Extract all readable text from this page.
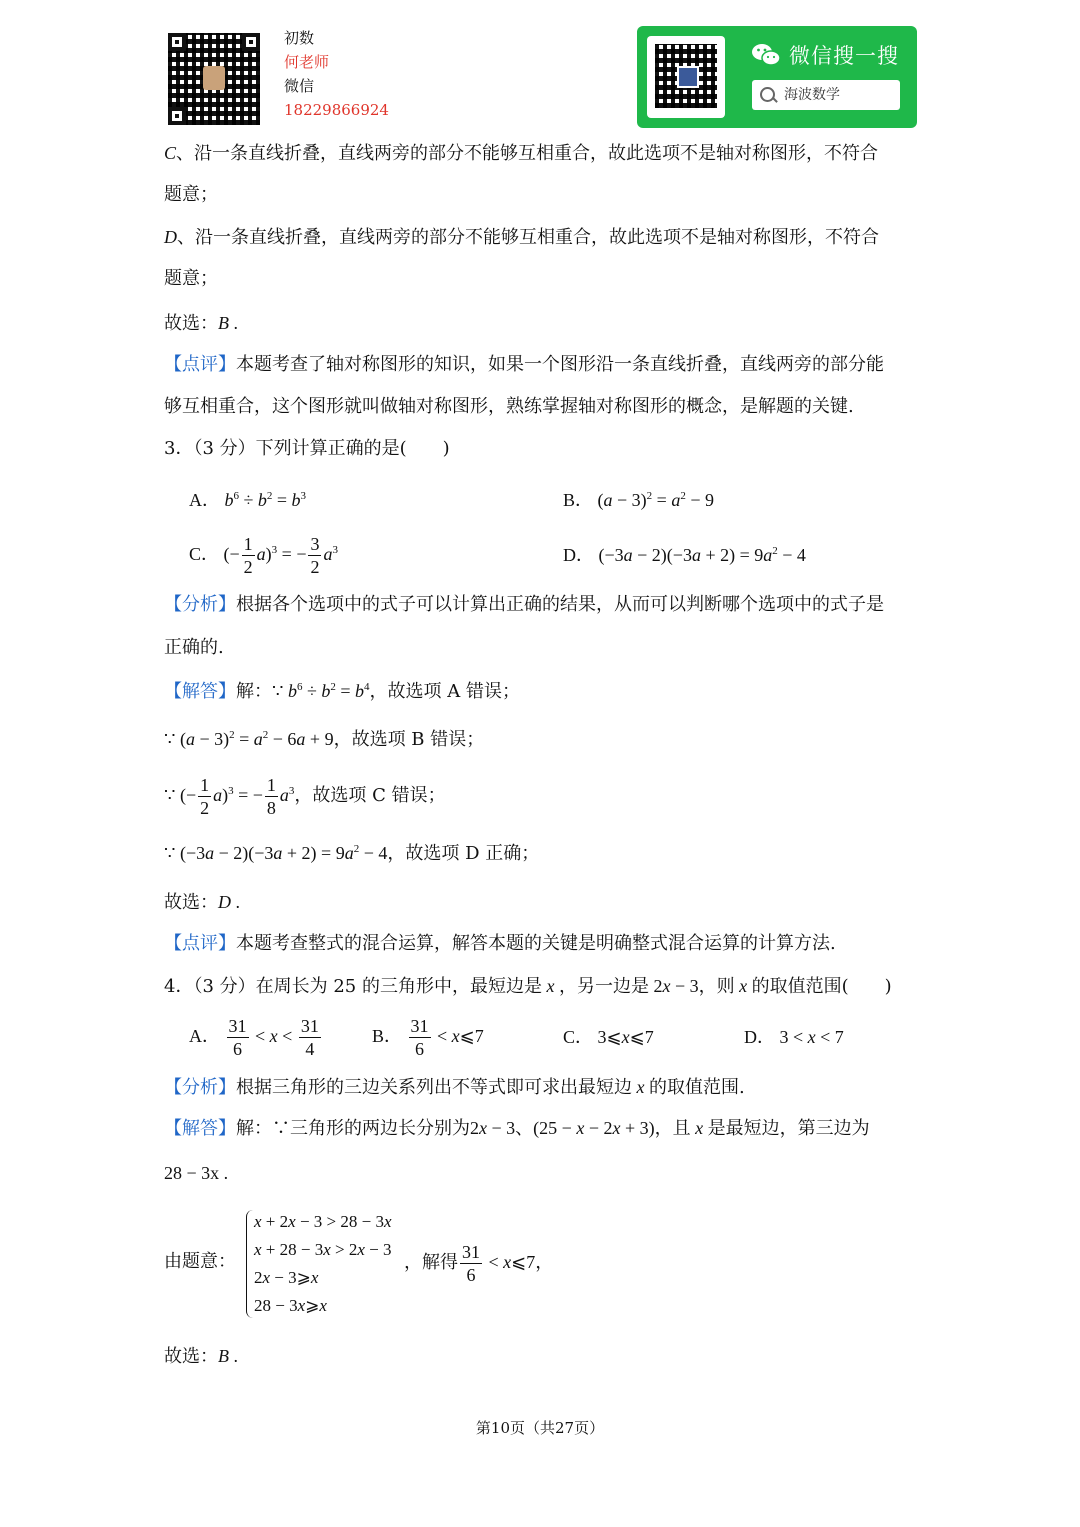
初数
何老师
微信
18229866924
微信搜一搜
海波数学
C、沿一条直线折叠，直线两旁的部分不能够互相重合，故此选项不是轴对称图形，不符合
题意；
D、沿一条直线折叠，直线两旁的部分不能够互相重合，故此选项不是轴对称图形，不符合
题意；
故选：B .
【点评】本题考查了轴对称图形的知识，如果一个图形沿一条直线折叠，直线两旁的部分能
够互相重合，这个图形就叫做轴对称图形，熟练掌握轴对称图形的概念，是解题的关键.
3．（3 分）下列计算正确的是(　　)
A． $b^6 \div b^2 = b^3$	B． $(a - 3)^2 = a^2 - 9$
C． (− $\frac{1}{2} a)^3$ = − $\frac{3}{2} a^3$	D． $(-3a - 2)(-3a + 2) = 9a^2 - 4$
【分析】根据各个选项中的式子可以计算出正确的结果，从而可以判断哪个选项中的式子是
正确的.
【解答】解：∵ $b^6 \div b^2 = b^4$，故选项 A 错误；
∵ $(a - 3)^2 = a^2 - 6a + 9$，故选项 B 错误；
∵ (− $\frac{1}{2} a)^3$ = − $\frac{1}{8} a^3$，故选项 C 错误；
∵ $(-3a - 2)(-3a + 2) = 9a^2 - 4$，故选项 D 正确；
故选：D .
【点评】本题考查整式的混合运算，解答本题的关键是明确整式混合运算的计算方法.
4．（3 分）在周长为 25 的三角形中，最短边是 x ，另一边是 2x − 3，则 x 的取值范围(　　)
A． $\frac{31}{6} < x < \frac{31}{4}$	B． $\frac{31}{6}$ < x⩽7	C． 3⩽x⩽7	D． 3 < x < 7
【分析】根据三角形的三边关系列出不等式即可求出最短边 x 的取值范围.
【解答】解：∵三角形的两边长分别为2x − 3、(25 − x − 2x + 3)，且 x 是最短边，第三边为
28 − 3x .
由题意：
x + 2x − 3 > 28 − 3x
x + 28 − 3x > 2x − 3
2x − 3⩾x
28 − 3x⩾x
，解得 $\frac{31}{6}$ < x⩽7，
故选：B .
第10页（共27页）
